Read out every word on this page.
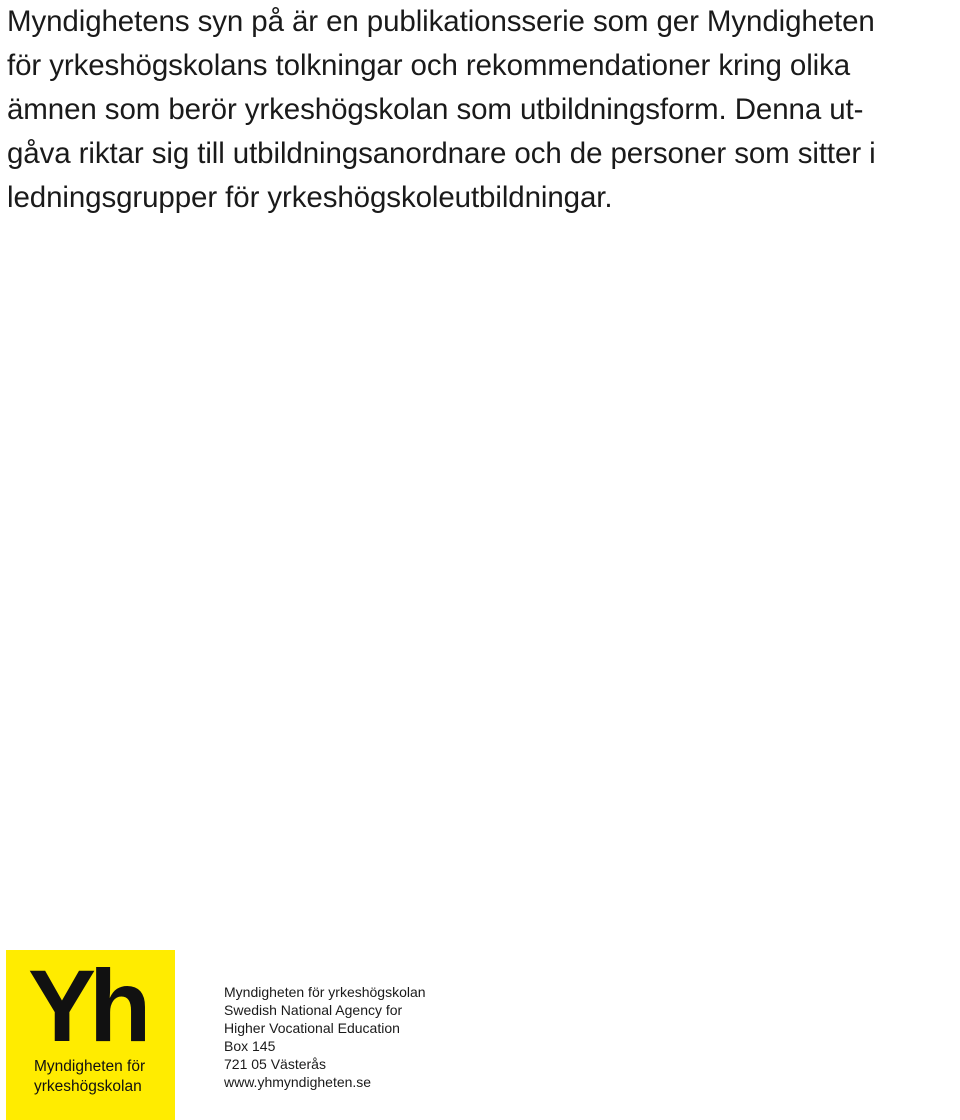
Myndighetens syn på är en publikationsserie som ger Myndigheten
för yrkeshögskolans tolkningar och rekommendationer kring olika
ämnen som berör yrkeshögskolan som utbildningsform. Denna ut-
gåva riktar sig till utbildningsanordnare och de personer som sitter i
ledningsgrupper för yrkeshögskoleutbildningar.

Yh
Myndigheten för
yrkeshögskolan
Myndigheten för yrkeshögskolan
Swedish National Agency for
Higher Vocational Education
Box 145
721 05 Västerås
www.yhmyndigheten.se
